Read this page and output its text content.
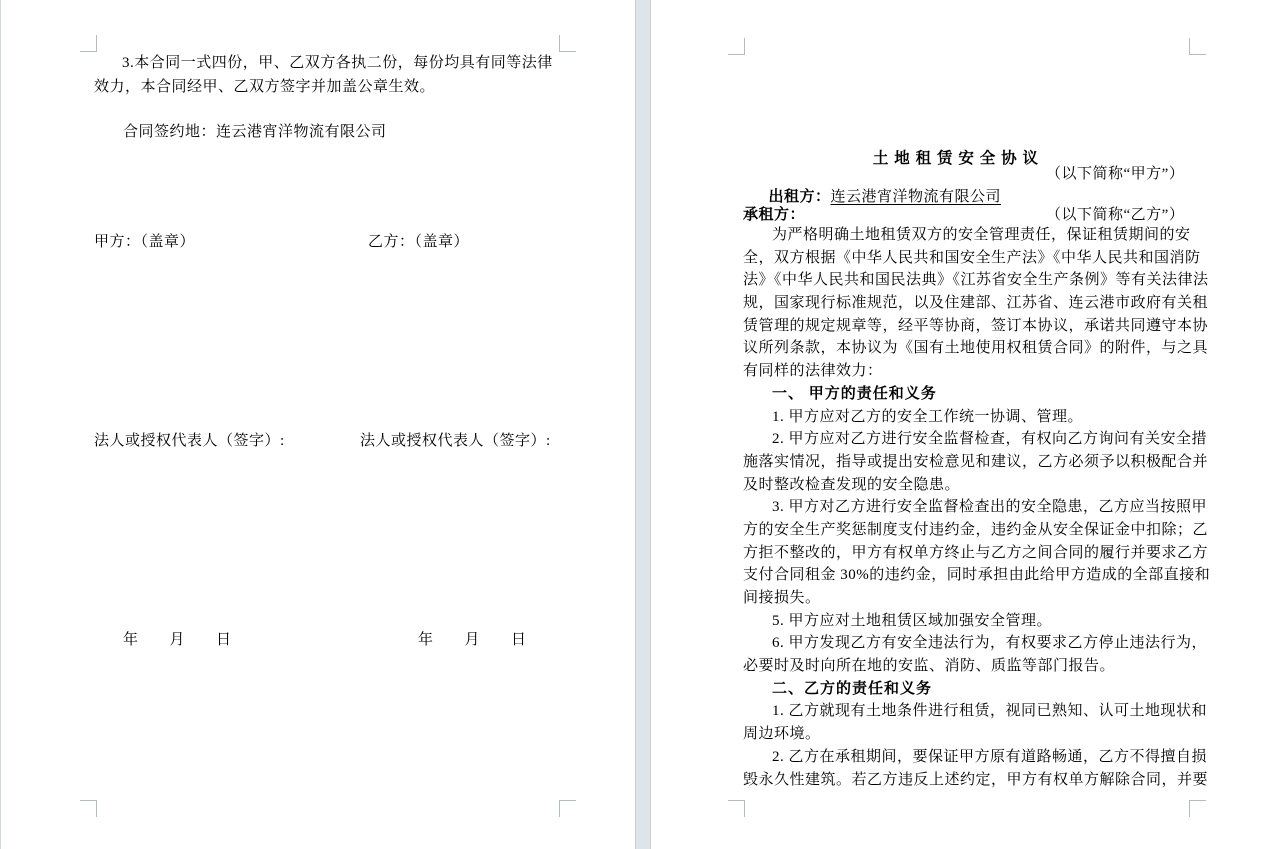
3.本合同一式四份，甲、乙双方各执二份，每份均具有同等法律
效力，本合同经甲、乙双方签字并加盖公章生效。
合同签约地：连云港宵洋物流有限公司
甲方：（盖章）	乙方：（盖章）
法人或授权代表人（签字）:	法人或授权代表人（签字）:
年　　月　　日	年　　月　　日
土 地 租 赁 安 全 协 议

出租方：连云港宵洋物流有限公司

（以下简称“甲方”）
承租方：	（以下简称“乙方”）
为严格明确土地租赁双方的安全管理责任，保证租赁期间的安
全，双方根据《中华人民共和国安全生产法》《中华人民共和国消防
法》《中华人民共和国民法典》《江苏省安全生产条例》等有关法律法
规，国家现行标准规范，以及住建部、江苏省、连云港市政府有关租
赁管理的规定规章等，经平等协商，签订本协议，承诺共同遵守本协
议所列条款，本协议为《国有土地使用权租赁合同》的附件，与之具
有同样的法律效力：
一、 甲方的责任和义务
1. 甲方应对乙方的安全工作统一协调、管理。
2. 甲方应对乙方进行安全监督检查，有权向乙方询问有关安全措
施落实情况，指导或提出安检意见和建议，乙方必须予以积极配合并
及时整改检查发现的安全隐患。
3. 甲方对乙方进行安全监督检查出的安全隐患，乙方应当按照甲
方的安全生产奖惩制度支付违约金，违约金从安全保证金中扣除；乙
方拒不整改的，甲方有权单方终止与乙方之间合同的履行并要求乙方
支付合同租金 30%的违约金，同时承担由此给甲方造成的全部直接和
间接损失。
5. 甲方应对土地租赁区域加强安全管理。
6. 甲方发现乙方有安全违法行为，有权要求乙方停止违法行为，
必要时及时向所在地的安监、消防、质监等部门报告。
二、乙方的责任和义务
1. 乙方就现有土地条件进行租赁，视同已熟知、认可土地现状和
周边环境。
2. 乙方在承租期间，要保证甲方原有道路畅通，乙方不得擅自损
毁永久性建筑。若乙方违反上述约定，甲方有权单方解除合同，并要
